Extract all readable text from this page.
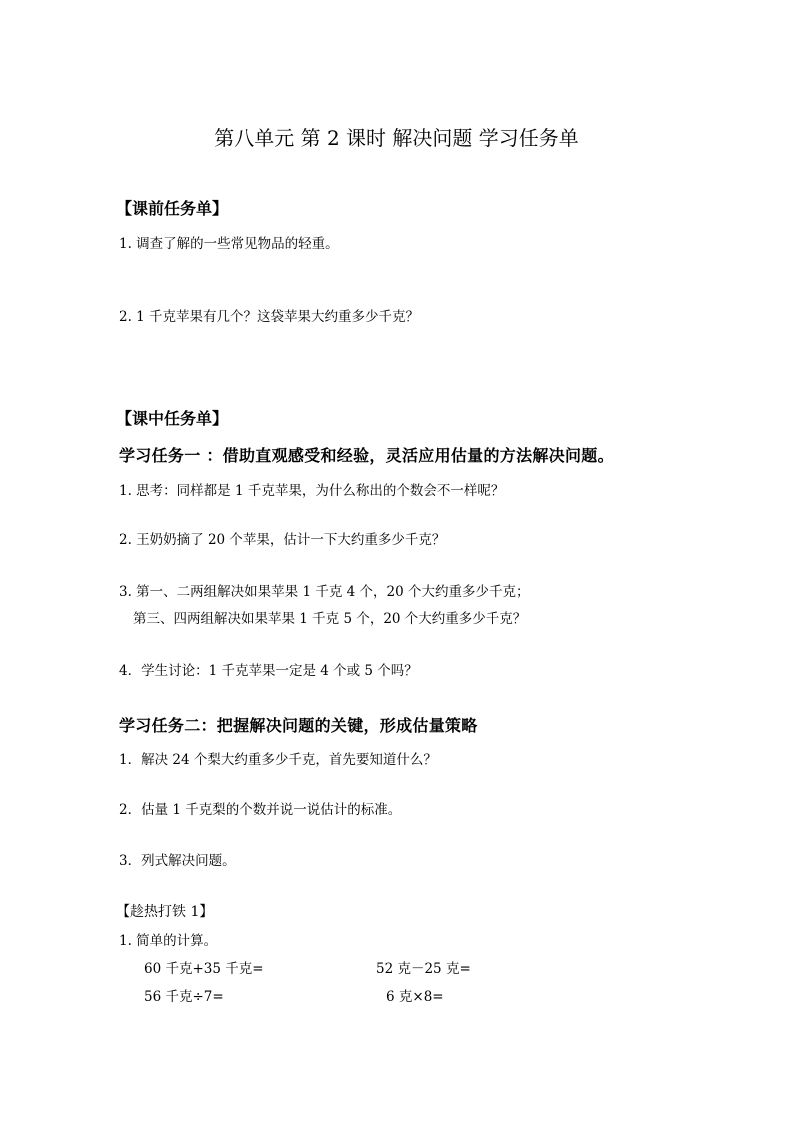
第八单元 第 2 课时 解决问题 学习任务单
【课前任务单】
1. 调查了解的一些常见物品的轻重。
2. 1 千克苹果有几个？这袋苹果大约重多少千克？
【课中任务单】
学习任务一 ：借助直观感受和经验，灵活应用估量的方法解决问题。
1. 思考：同样都是 1 千克苹果，为什么称出的个数会不一样呢？
2. 王奶奶摘了 20 个苹果，估计一下大约重多少千克？
3. 第一、二两组解决如果苹果 1 千克 4 个，20 个大约重多少千克；
第三、四两组解决如果苹果 1 千克 5 个，20 个大约重多少千克？
4．学生讨论：1 千克苹果一定是 4 个或 5 个吗？
学习任务二：把握解决问题的关键，形成估量策略
1．解决 24 个梨大约重多少千克，首先要知道什么？
2．估量 1 千克梨的个数并说一说估计的标准。
3．列式解决问题。
【趁热打铁 1】
1. 简单的计算。
60 千克+35 千克=	52 克－25 克=
56 千克÷7=	6 克×8=
